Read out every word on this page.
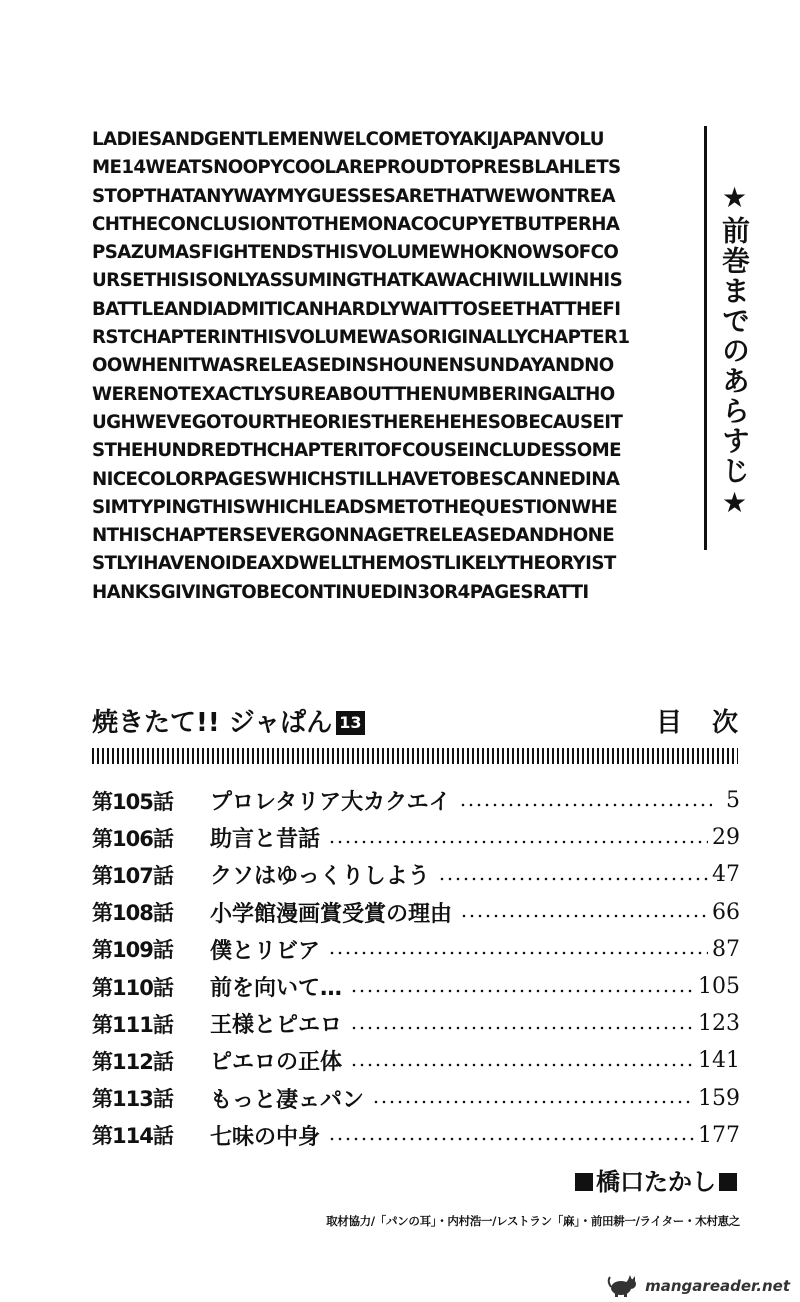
LADIESANDGENTLEMENWELCOMETOYAKIJAPANVOLU
ME14WEATSNOOPYCOOLAREPROUDTOPRESBLAHLETS
STOPTHATANYWAYMYGUESSESARETHATWEWONTREA
CHTHECONCLUSIONTOTHEMONACOCUPYETBUTPERHA
PSAZUMASFIGHTENDSTHISVOLUMEWHOKNOWSOFCO
URSETHISISONLYASSUMINGTHATKAWACHIWILLWINHIS
BATTLEANDIADMITICANHARDLYWAITTOSEETHATTHEFI
RSTCHAPTERINTHISVOLUMEWASORIGINALLYCHAPTER1
OOWHENITWASRELEASEDINSHOUNENSUNDAYANDNO
WERENOTEXACTLYSUREABOUTTHENUMBERINGALTHO
UGHWEVEGOTOURTHEORIESTHEREHEHESOBECAUSEIT
STHEHUNDREDTHCHAPTERITOFCOUSEINCLUDESSOME
NICECOLORPAGESWHICHSTILLHAVETOBESCANNEDINA
SIMTYPINGTHISWHICHLEADSMETOTHEQUESTIONWHE
NTHISCHAPTERSEVERGONNAGETRELEASEDANDHONE
STLYIHAVENOIDEAXDWELLTHEMOSTLIKELYTHEORYIST
HANKSGIVINGTOBECONTINUEDIN3OR4PAGESRATTI
★前巻までのあらすじ★
焼きたて!! ジャぱん 13	目次
第105話	プロレタリア大カクエイ	5
第106話	助言と昔話	29
第107話	クソはゆっくりしよう	47
第108話	小学館漫画賞受賞の理由	66
第109話	僕とリビア	87
第110話	前を向いて…	105
第111話	王様とピエロ	123
第112話	ピエロの正体	141
第113話	もっと凄ェパン	159
第114話	七味の中身	177
橋口たかし
取材協力/「パンの耳」・内村浩一/レストラン「麻」・前田耕一/ライター・木村恵之
mangareader.net
